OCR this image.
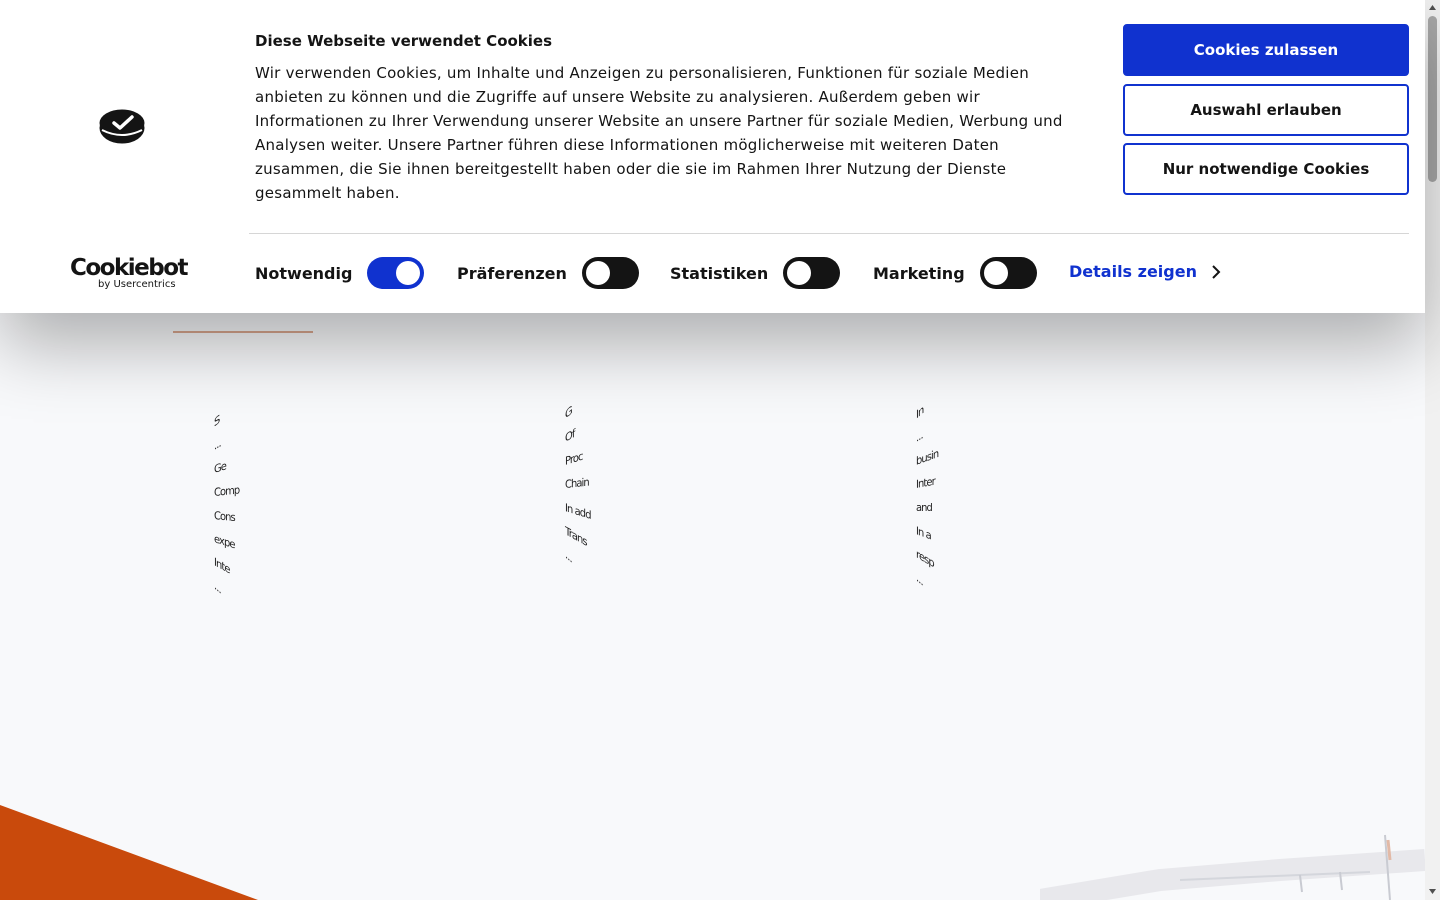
S
...
Ge
Comp
Cons
expe
Inte
...
G
Of
Proc
Chain
In add
Trans
...
In
...
busin
Inter
and
In a
resp
...
Diese Webseite verwendet Cookies
Wir verwenden Cookies, um Inhalte und Anzeigen zu personalisieren, Funktionen für soziale Medien anbieten zu können und die Zugriffe auf unsere Website zu analysieren. Außerdem geben wir Informationen zu Ihrer Verwendung unserer Website an unsere Partner für soziale Medien, Werbung und Analysen weiter. Unsere Partner führen diese Informationen möglicherweise mit weiteren Daten zusammen, die Sie ihnen bereitgestellt haben oder die sie im Rahmen Ihrer Nutzung der Dienste gesammelt haben.
Cookies zulassen
Auswahl erlauben
Nur notwendige Cookies
Cookiebot
by Usercentrics
Notwendig	Präferenzen	Statistiken	Marketing	Details zeigen
